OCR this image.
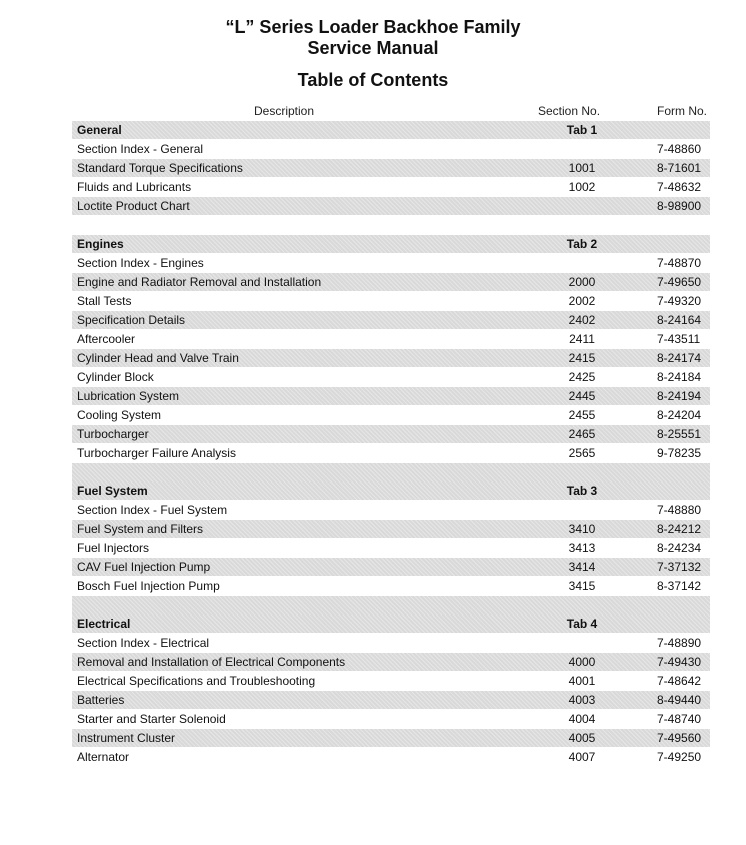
“L” Series Loader Backhoe Family
Service Manual
Table of Contents
Description	Section No.	Form No.
General	Tab 1
Section Index - General	7-48860
Standard Torque Specifications	1001	8-71601
Fluids and Lubricants	1002	7-48632
Loctite Product Chart	8-98900
Engines	Tab 2
Section Index - Engines	7-48870
Engine and Radiator Removal and Installation	2000	7-49650
Stall Tests	2002	7-49320
Specification Details	2402	8-24164
Aftercooler	2411	7-43511
Cylinder Head and Valve Train	2415	8-24174
Cylinder Block	2425	8-24184
Lubrication System	2445	8-24194
Cooling System	2455	8-24204
Turbocharger	2465	8-25551
Turbocharger Failure Analysis	2565	9-78235
Fuel System	Tab 3
Section Index - Fuel System	7-48880
Fuel System and Filters	3410	8-24212
Fuel Injectors	3413	8-24234
CAV Fuel Injection Pump	3414	7-37132
Bosch Fuel Injection Pump	3415	8-37142
Electrical	Tab 4
Section Index - Electrical	7-48890
Removal and Installation of Electrical Components	4000	7-49430
Electrical Specifications and Troubleshooting	4001	7-48642
Batteries	4003	8-49440
Starter and Starter Solenoid	4004	7-48740
Instrument Cluster	4005	7-49560
Alternator	4007	7-49250
